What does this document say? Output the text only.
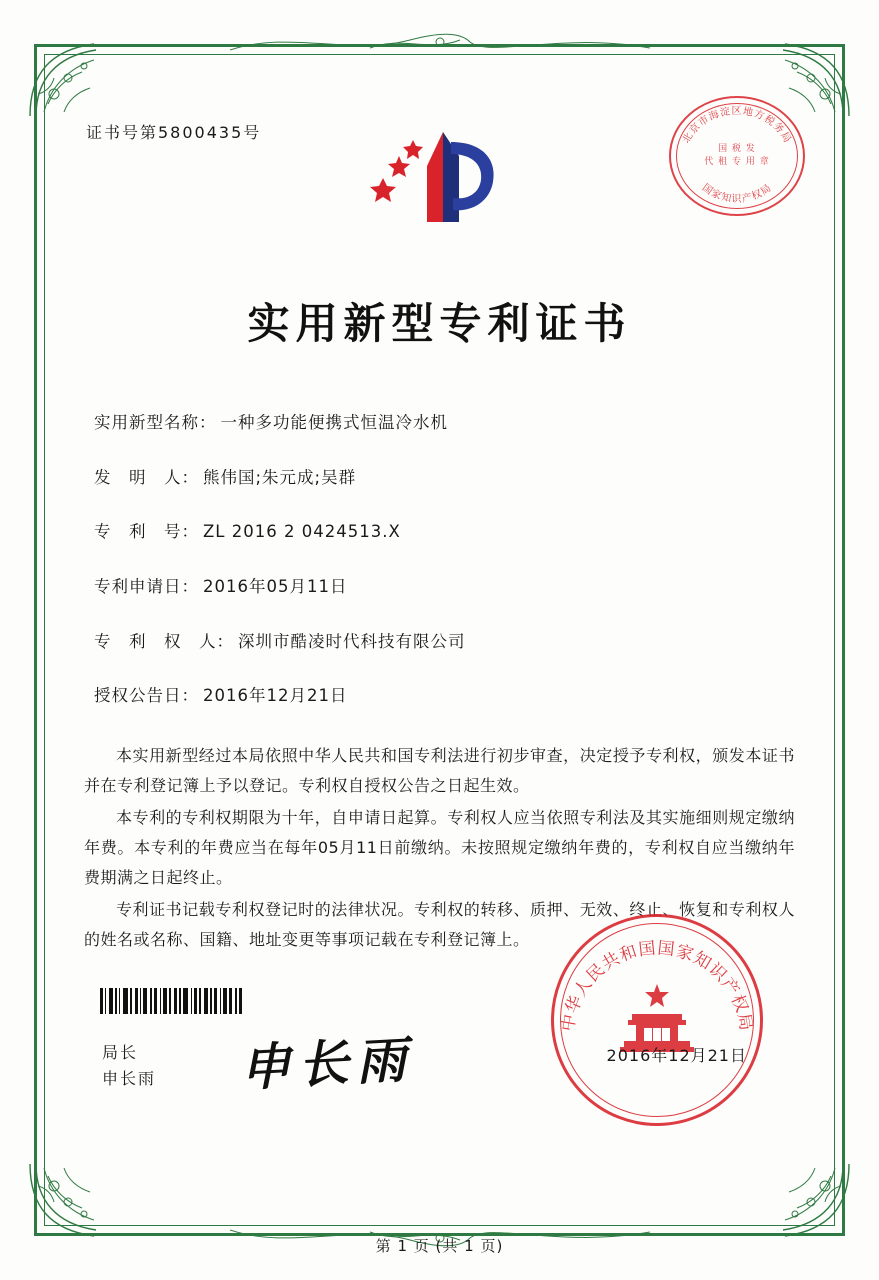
证书号第5800435号	北京市海淀区地方税务局
国家知识产权局
国 税 发
代 租 专 用 章
实用新型专利证书
实用新型名称： 一种多功能便携式恒温冷水机
发　明　人： 熊伟国;朱元成;吴群
专　利　号： ZL 2016 2 0424513.X
专利申请日： 2016年05月11日
专　利　权　人： 深圳市酷凌时代科技有限公司
授权公告日： 2016年12月21日

本实用新型经过本局依照中华人民共和国专利法进行初步审查，决定授予专利权，颁发本证书并在专利登记簿上予以登记。专利权自授权公告之日起生效。

本专利的专利权期限为十年，自申请日起算。专利权人应当依照专利法及其实施细则规定缴纳年费。本专利的年费应当在每年05月11日前缴纳。未按照规定缴纳年费的，专利权自应当缴纳年费期满之日起终止。

专利证书记载专利权登记时的法律状况。专利权的转移、质押、无效、终止、恢复和专利权人的姓名或名称、国籍、地址变更等事项记载在专利登记簿上。

局长
申长雨 申长雨
中华人民共和国国家知识产权局
2016年12月21日
第 1 页 (共 1 页)
